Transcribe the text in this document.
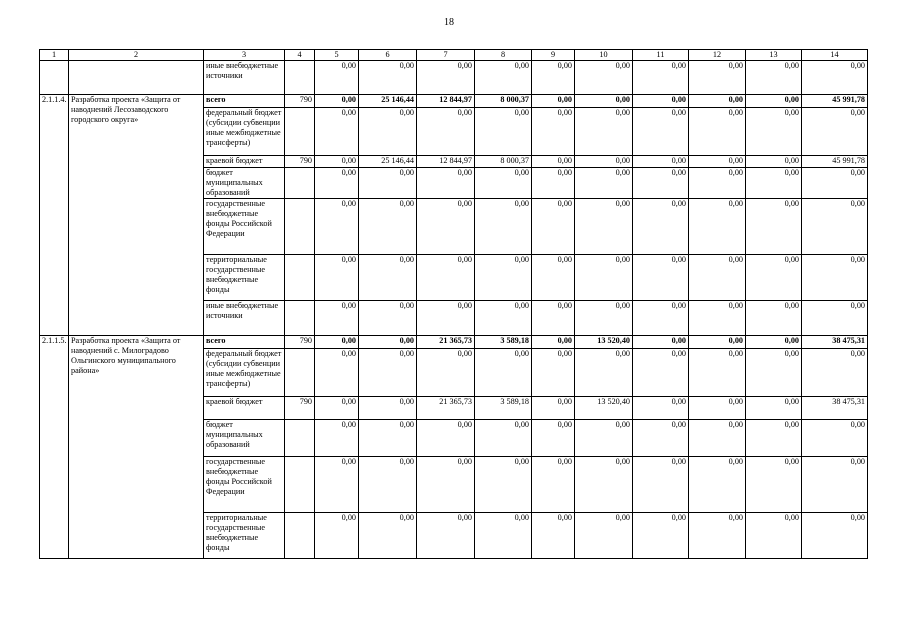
18
1	2	3	4	5	6	7	8	9	10	11	12	13	14
		иные внебюджетные источники		0,00	0,00	0,00	0,00	0,00	0,00	0,00	0,00	0,00	0,00
2.1.1.4.	Разработка проекта «Защита от наводнений Лесозаводского городского округа»	всего	790	0,00	25 146,44	12 844,97	8 000,37	0,00	0,00	0,00	0,00	0,00	45 991,78
		федеральный бюджет (субсидии субвенции иные межбюджетные трансферты)		0,00	0,00	0,00	0,00	0,00	0,00	0,00	0,00	0,00	0,00
		краевой бюджет	790	0,00	25 146,44	12 844,97	8 000,37	0,00	0,00	0,00	0,00	0,00	45 991,78
		бюджет муниципальных образований		0,00	0,00	0,00	0,00	0,00	0,00	0,00	0,00	0,00	0,00
		государственные внебюджетные фонды Российской Федерации		0,00	0,00	0,00	0,00	0,00	0,00	0,00	0,00	0,00	0,00
		территориальные государственные внебюджетные фонды		0,00	0,00	0,00	0,00	0,00	0,00	0,00	0,00	0,00	0,00
		иные внебюджетные источники		0,00	0,00	0,00	0,00	0,00	0,00	0,00	0,00	0,00	0,00
2.1.1.5.	Разработка проекта «Защита от наводнений с. Милоградово Ольгинского муниципального района»	всего	790	0,00	0,00	21 365,73	3 589,18	0,00	13 520,40	0,00	0,00	0,00	38 475,31
		федеральный бюджет (субсидии субвенции иные межбюджетные трансферты)		0,00	0,00	0,00	0,00	0,00	0,00	0,00	0,00	0,00	0,00
		краевой бюджет	790	0,00	0,00	21 365,73	3 589,18	0,00	13 520,40	0,00	0,00	0,00	38 475,31
		бюджет муниципальных образований		0,00	0,00	0,00	0,00	0,00	0,00	0,00	0,00	0,00	0,00
		государственные внебюджетные фонды Российской Федерации		0,00	0,00	0,00	0,00	0,00	0,00	0,00	0,00	0,00	0,00
		территориальные государственные внебюджетные фонды		0,00	0,00	0,00	0,00	0,00	0,00	0,00	0,00	0,00	0,00
